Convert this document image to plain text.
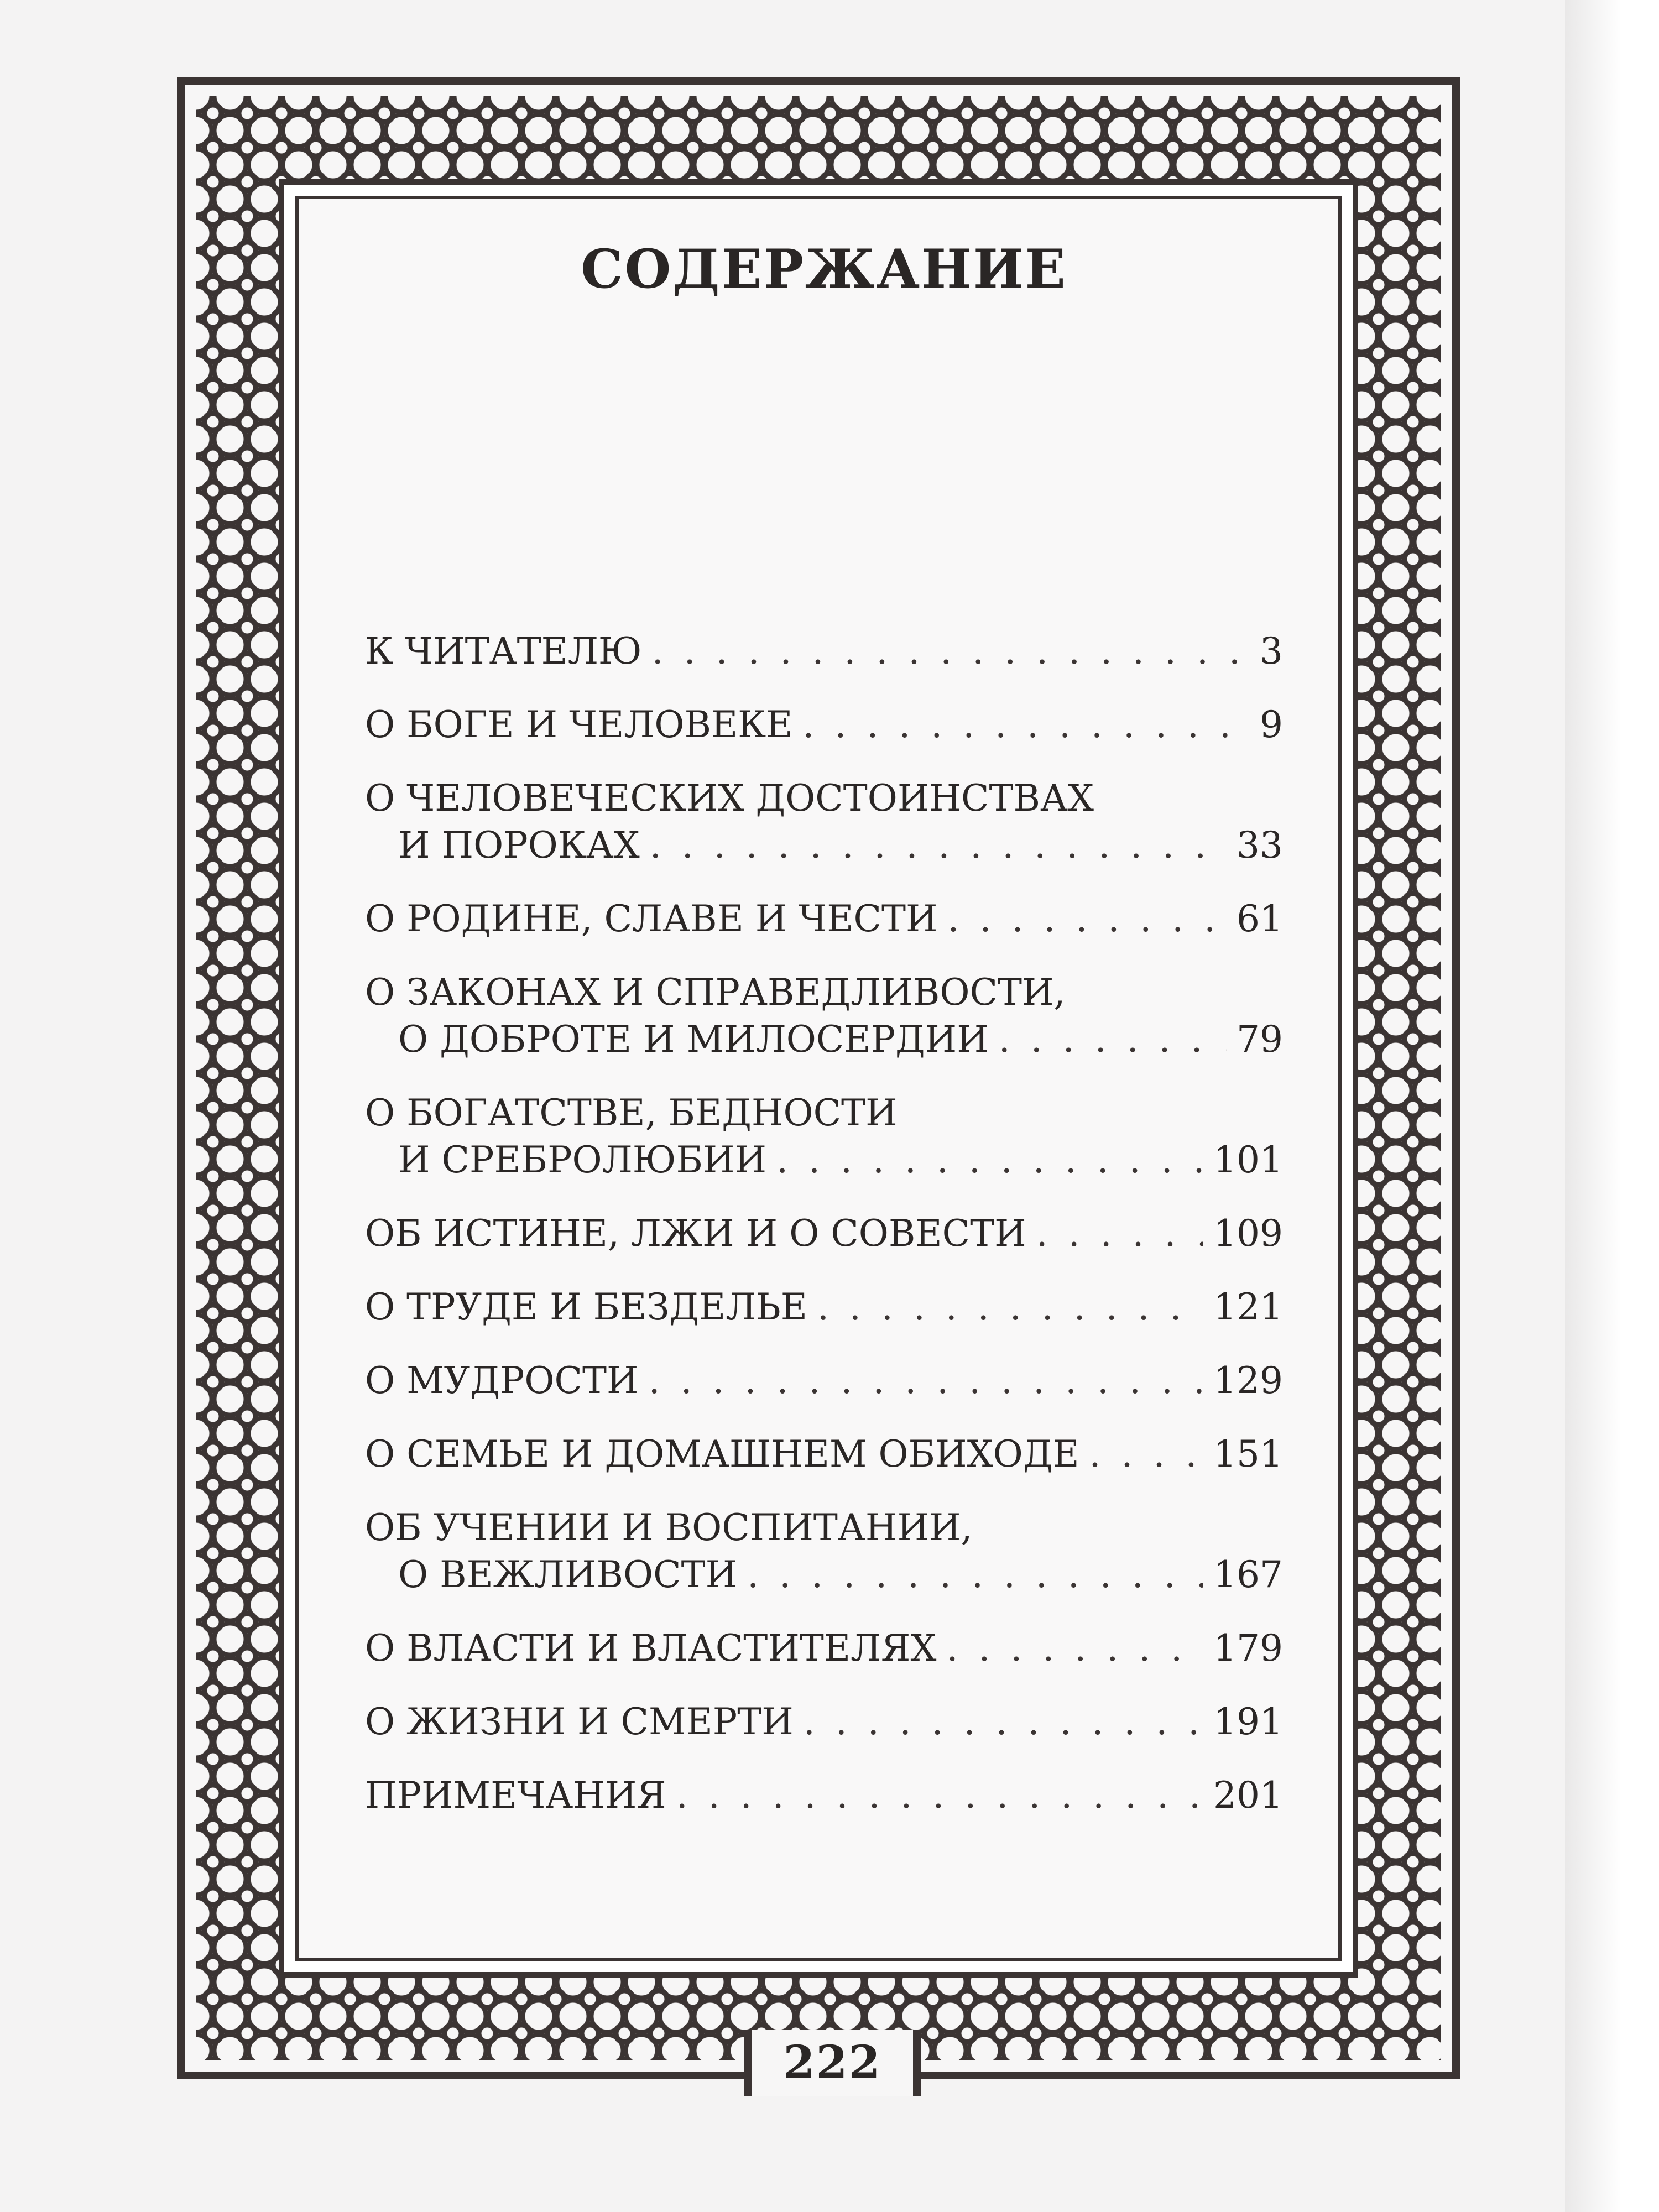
СОДЕРЖАНИЕ
К ЧИТАТЕЛЮ . . .	3
О БОГЕ И ЧЕЛОВЕКЕ . . .	9
О ЧЕЛОВЕЧЕСКИХ ДОСТОИНСТВАХ
И ПОРОКАХ . . .	33
О РОДИНЕ, СЛАВЕ И ЧЕСТИ . . .	61
О ЗАКОНАХ И СПРАВЕДЛИВОСТИ,
О ДОБРОТЕ И МИЛОСЕРДИИ . . .	79
О БОГАТСТВЕ, БЕДНОСТИ
И СРЕБРОЛЮБИИ . . .	101
ОБ ИСТИНЕ, ЛЖИ И О СОВЕСТИ . . .	109
О ТРУДЕ И БЕЗДЕЛЬЕ . . .	121
О МУДРОСТИ . . .	129
О СЕМЬЕ И ДОМАШНЕМ ОБИХОДЕ . . .	151
ОБ УЧЕНИИ И ВОСПИТАНИИ,
О ВЕЖЛИВОСТИ . . .	167
О ВЛАСТИ И ВЛАСТИТЕЛЯХ . . .	179
О ЖИЗНИ И СМЕРТИ . . .	191
ПРИМЕЧАНИЯ . . .	201
222
